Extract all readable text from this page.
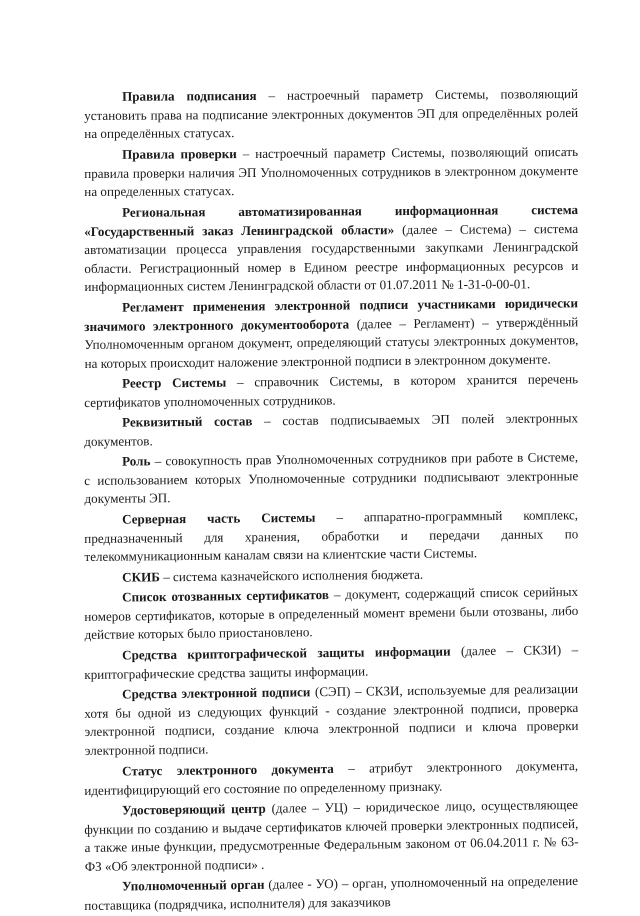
Правила подписания – настроечный параметр Системы, позволяющий установить права на подписание электронных документов ЭП для определённых ролей на определённых статусах.

Правила проверки – настроечный параметр Системы, позволяющий описать правила проверки наличия ЭП Уполномоченных сотрудников в электронном документе на определенных статусах.

Региональная автоматизированная информационная система «Государственный заказ Ленинградской области» (далее – Система) – система автоматизации процесса управления государственными закупками Ленинградской области. Регистрационный номер в Едином реестре информационных ресурсов и информационных систем Ленинградской области от 01.07.2011 № 1-31-0-00-01.

Регламент применения электронной подписи участниками юридически значимого электронного документооборота (далее – Регламент) – утверждённый Уполномоченным органом документ, определяющий статусы электронных документов, на которых происходит наложение электронной подписи в электронном документе.

Реестр Системы – справочник Системы, в котором хранится перечень сертификатов уполномоченных сотрудников.

Реквизитный состав – состав подписываемых ЭП полей электронных документов.

Роль – совокупность прав Уполномоченных сотрудников при работе в Системе, с использованием которых Уполномоченные сотрудники подписывают электронные документы ЭП.

Серверная часть Системы – аппаратно-программный комплекс, предназначенный для хранения, обработки и передачи данных по телекоммуникационным каналам связи на клиентские части Системы.

СКИБ – система казначейского исполнения бюджета.

Список отозванных сертификатов – документ, содержащий список серийных номеров сертификатов, которые в определенный момент времени были отозваны, либо действие которых было приостановлено.

Средства криптографической защиты информации (далее – СКЗИ) – криптографические средства защиты информации.

Средства электронной подписи (СЭП) – СКЗИ, используемые для реализации хотя бы одной из следующих функций - создание электронной подписи, проверка электронной подписи, создание ключа электронной подписи и ключа проверки электронной подписи.

Статус электронного документа – атрибут электронного документа, идентифицирующий его состояние по определенному признаку.

Удостоверяющий центр (далее – УЦ) – юридическое лицо, осуществляющее функции по созданию и выдаче сертификатов ключей проверки электронных подписей, а также иные функции, предусмотренные Федеральным законом от 06.04.2011 г. № 63-ФЗ «Об электронной подписи» .

Уполномоченный орган (далее - УО) – орган, уполномоченный на определение поставщика (подрядчика, исполнителя) для заказчиков
